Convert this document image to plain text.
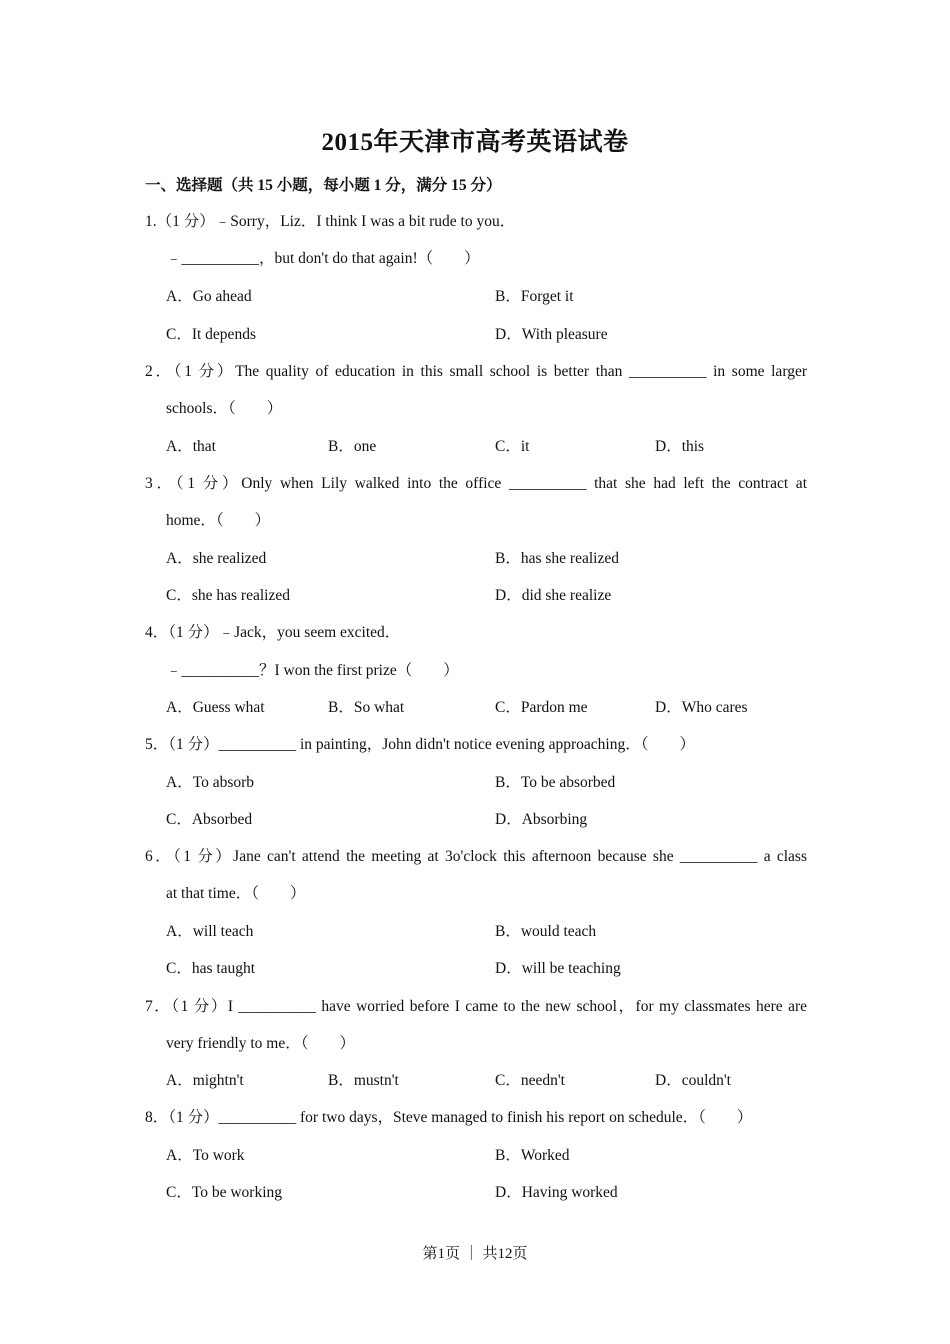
2015年天津市高考英语试卷
一、选择题（共 15 小题，每小题 1 分，满分 15 分）
1.（1 分）﹣Sorry，Liz．I think I was a bit rude to you．
﹣__________，but don't do that again!（　　）
A．Go ahead	B．Forget it
C．It depends	D．With pleasure
2．（1 分）The quality of education in this small school is better than __________ in some larger
schools．（　　）
A．that	B．one	C．it	D．this
3．（1 分）Only when Lily walked into the office __________ that she had left the contract at
home．（　　）
A．she realized	B．has she realized
C．she has realized	D．did she realize
4．（1 分）﹣Jack，you seem excited．
﹣__________？I won the first prize（　　）
A．Guess what	B．So what	C．Pardon me	D．Who cares
5．（1 分）__________ in painting，John didn't notice evening approaching．（　　）
A．To absorb	B．To be absorbed
C．Absorbed	D．Absorbing
6．（1 分）Jane can't attend the meeting at 3o'clock this afternoon because she __________ a class
at that time．（　　）
A．will teach	B．would teach
C．has taught	D．will be teaching
7．（1 分）I __________ have worried before I came to the new school，for my classmates here are
very friendly to me．（　　）
A．mightn't	B．mustn't	C．needn't	D．couldn't
8．（1 分）__________ for two days，Steve managed to finish his report on schedule．（　　）
A．To work	B．Worked
C．To be working	D．Having worked
第1页 ｜ 共12页
